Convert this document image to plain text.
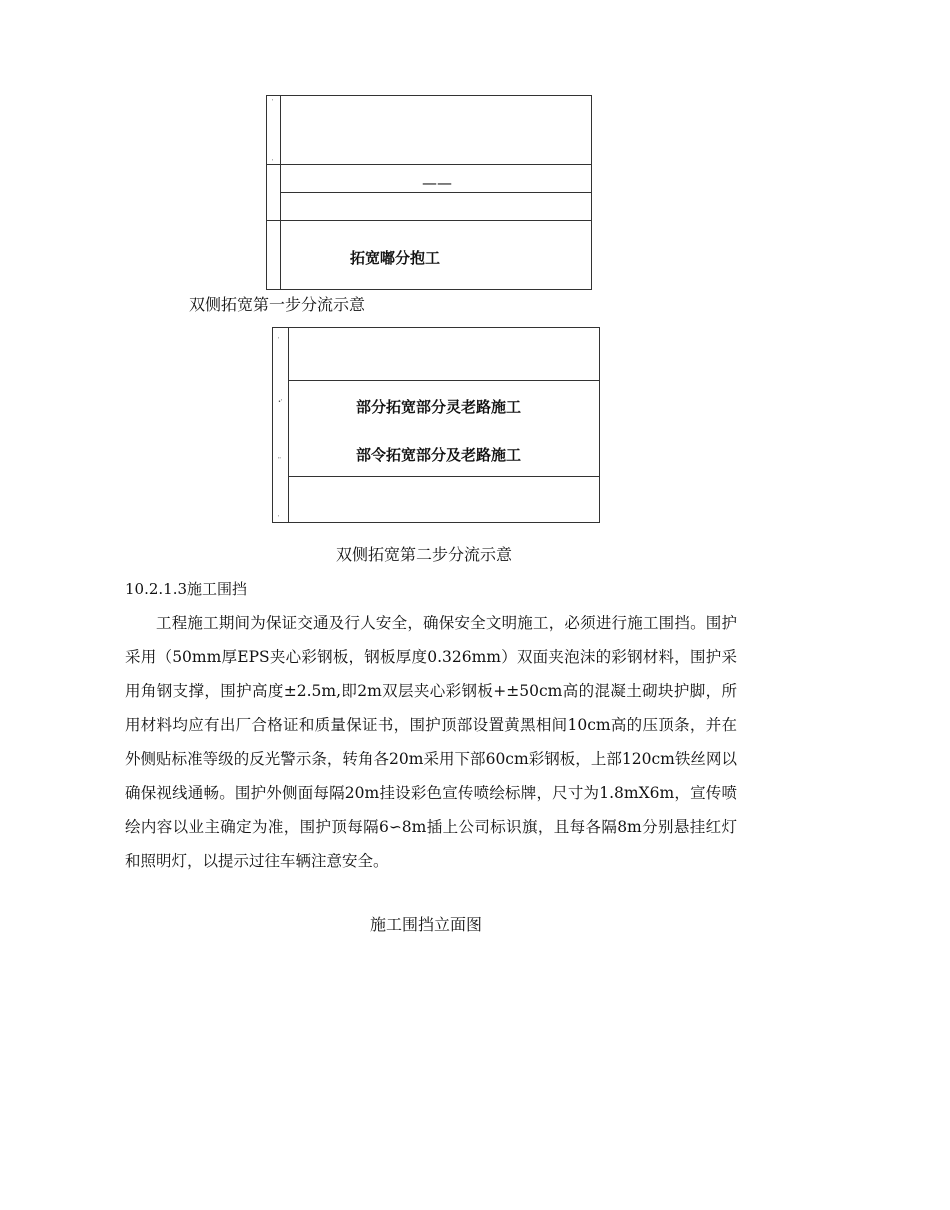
'
'
——
拓宽嘟分抱工
双侧拓宽第一步分流示意
'
•'
''
'
部分拓宽部分灵老路施工
部令拓宽部分及老路施工
双侧拓宽第二步分流示意
10.2.1.3施工围挡

工程施工期间为保证交通及行人安全，确保安全文明施工，必须进行施工围挡。围护采用（50mm厚EPS夹心彩钢板，钢板厚度0.326mm）双面夹泡沫的彩钢材料，围护采用角钢支撑，围护高度±2.5m,即2m双层夹心彩钢板+±50cm高的混凝土砌块护脚，所用材料均应有出厂合格证和质量保证书，围护顶部设置黄黑相间10cm高的压顶条，并在外侧贴标准等级的反光警示条，转角各20m采用下部60cm彩钢板，上部120cm铁丝网以确保视线通畅。围护外侧面每隔20m挂设彩色宣传喷绘标牌，尺寸为1.8mX6m，宣传喷绘内容以业主确定为准，围护顶每隔6∽8m插上公司标识旗，且每各隔8m分别悬挂红灯和照明灯，以提示过往车辆注意安全。

施工围挡立面图
